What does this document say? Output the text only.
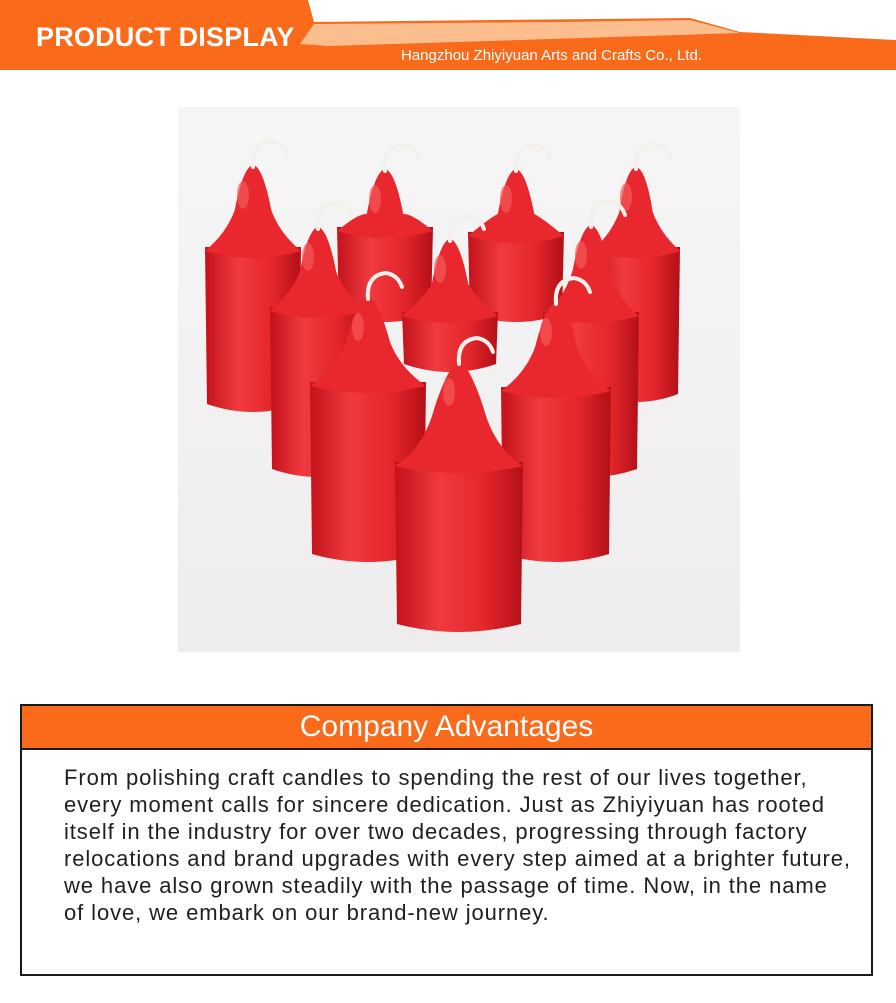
PRODUCT DISPLAY
Hangzhou Zhiyiyuan Arts and Crafts Co., Ltd.
Company Advantages
From polishing craft candles to spending the rest of our lives together, every moment calls for sincere dedication. Just as Zhiyiyuan has rooted itself in the industry for over two decades, progressing through factory relocations and brand upgrades with every step aimed at a brighter future, we have also grown steadily with the passage of time. Now, in the name of love, we embark on our brand-new journey.
